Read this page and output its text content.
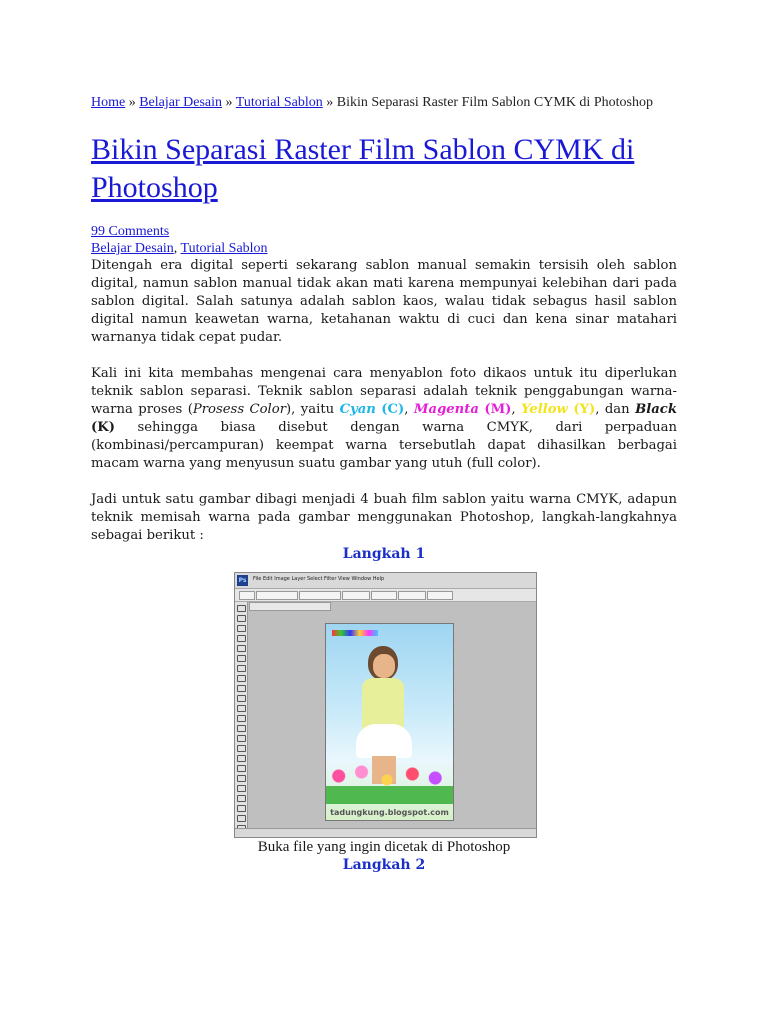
Home » Belajar Desain » Tutorial Sablon » Bikin Separasi Raster Film Sablon CYMK di Photoshop
Bikin Separasi Raster Film Sablon CYMK di Photoshop
99 Comments
Belajar Desain, Tutorial Sablon

Ditengah era digital seperti sekarang sablon manual semakin tersisih oleh sablon digital, namun sablon manual tidak akan mati karena mempunyai kelebihan dari pada sablon digital. Salah satunya adalah sablon kaos, walau tidak sebagus hasil sablon digital namun keawetan warna, ketahanan waktu di cuci dan kena sinar matahari warnanya tidak cepat pudar.

Kali ini kita membahas mengenai cara menyablon foto dikaos untuk itu diperlukan teknik sablon separasi. Teknik sablon separasi adalah teknik penggabungan warna-warna proses (Prosess Color), yaitu Cyan (C), Magenta (M), Yellow (Y), dan Black (K) sehingga biasa disebut dengan warna CMYK, dari perpaduan (kombinasi/percampuran) keempat warna tersebutlah dapat dihasilkan berbagai macam warna yang menyusun suatu gambar yang utuh (full color).

Jadi untuk satu gambar dibagi menjadi 4 buah film sablon yaitu warna CMYK, adapun teknik memisah warna pada gambar menggunakan Photoshop, langkah-langkahnya sebagai berikut :

Langkah 1
Ps	File Edit Image Layer Select Filter View Window Help
tadungkung.blogspot.com
Buka file yang ingin dicetak di Photoshop
Langkah 2
